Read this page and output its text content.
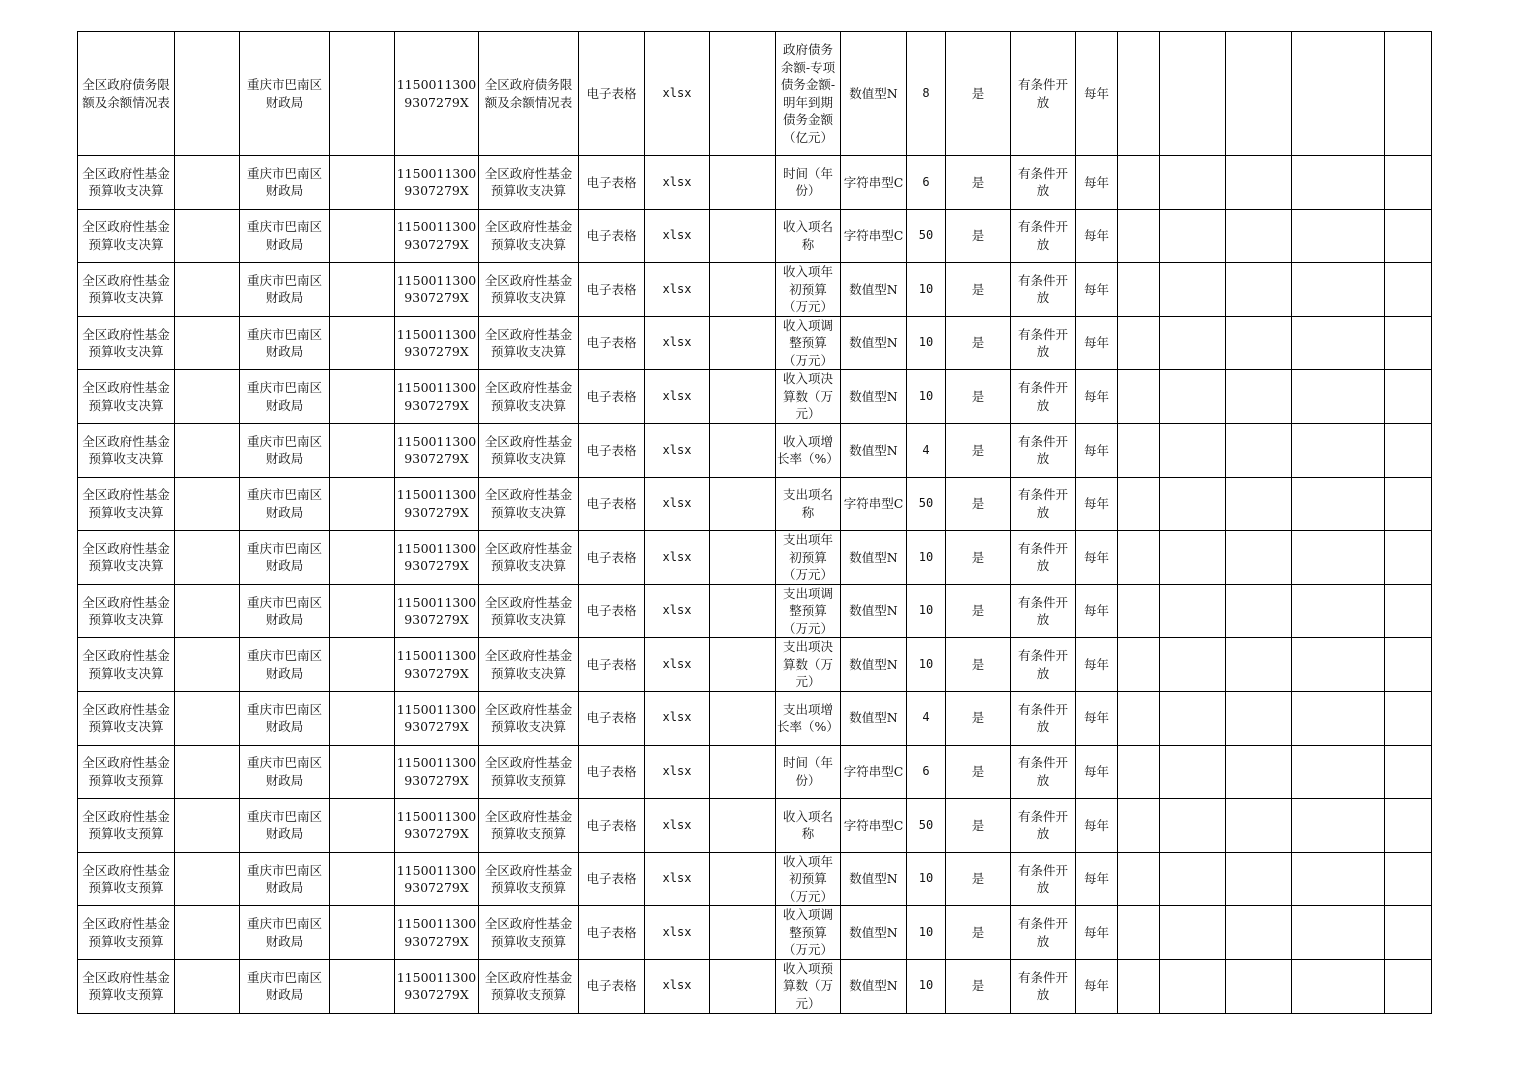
全区政府债务限额及余额情况表		重庆市巴南区财政局		11500113009307279X	全区政府债务限额及余额情况表	电子表格	xlsx		政府债务余额-专项债务金额-明年到期债务金额（亿元）	数值型N	8	是	有条件开放	每年					
全区政府性基金预算收支决算		重庆市巴南区财政局		11500113009307279X	全区政府性基金预算收支决算	电子表格	xlsx		时间（年份）	字符串型C	6	是	有条件开放	每年					
全区政府性基金预算收支决算		重庆市巴南区财政局		11500113009307279X	全区政府性基金预算收支决算	电子表格	xlsx		收入项名称	字符串型C	50	是	有条件开放	每年					
全区政府性基金预算收支决算		重庆市巴南区财政局		11500113009307279X	全区政府性基金预算收支决算	电子表格	xlsx		收入项年初预算（万元）	数值型N	10	是	有条件开放	每年					
全区政府性基金预算收支决算		重庆市巴南区财政局		11500113009307279X	全区政府性基金预算收支决算	电子表格	xlsx		收入项调整预算（万元）	数值型N	10	是	有条件开放	每年					
全区政府性基金预算收支决算		重庆市巴南区财政局		11500113009307279X	全区政府性基金预算收支决算	电子表格	xlsx		收入项决算数（万元）	数值型N	10	是	有条件开放	每年					
全区政府性基金预算收支决算		重庆市巴南区财政局		11500113009307279X	全区政府性基金预算收支决算	电子表格	xlsx		收入项增长率（%）	数值型N	4	是	有条件开放	每年					
全区政府性基金预算收支决算		重庆市巴南区财政局		11500113009307279X	全区政府性基金预算收支决算	电子表格	xlsx		支出项名称	字符串型C	50	是	有条件开放	每年					
全区政府性基金预算收支决算		重庆市巴南区财政局		11500113009307279X	全区政府性基金预算收支决算	电子表格	xlsx		支出项年初预算（万元）	数值型N	10	是	有条件开放	每年					
全区政府性基金预算收支决算		重庆市巴南区财政局		11500113009307279X	全区政府性基金预算收支决算	电子表格	xlsx		支出项调整预算（万元）	数值型N	10	是	有条件开放	每年					
全区政府性基金预算收支决算		重庆市巴南区财政局		11500113009307279X	全区政府性基金预算收支决算	电子表格	xlsx		支出项决算数（万元）	数值型N	10	是	有条件开放	每年					
全区政府性基金预算收支决算		重庆市巴南区财政局		11500113009307279X	全区政府性基金预算收支决算	电子表格	xlsx		支出项增长率（%）	数值型N	4	是	有条件开放	每年					
全区政府性基金预算收支预算		重庆市巴南区财政局		11500113009307279X	全区政府性基金预算收支预算	电子表格	xlsx		时间（年份）	字符串型C	6	是	有条件开放	每年					
全区政府性基金预算收支预算		重庆市巴南区财政局		11500113009307279X	全区政府性基金预算收支预算	电子表格	xlsx		收入项名称	字符串型C	50	是	有条件开放	每年					
全区政府性基金预算收支预算		重庆市巴南区财政局		11500113009307279X	全区政府性基金预算收支预算	电子表格	xlsx		收入项年初预算（万元）	数值型N	10	是	有条件开放	每年					
全区政府性基金预算收支预算		重庆市巴南区财政局		11500113009307279X	全区政府性基金预算收支预算	电子表格	xlsx		收入项调整预算（万元）	数值型N	10	是	有条件开放	每年					
全区政府性基金预算收支预算		重庆市巴南区财政局		11500113009307279X	全区政府性基金预算收支预算	电子表格	xlsx		收入项预算数（万元）	数值型N	10	是	有条件开放	每年					
